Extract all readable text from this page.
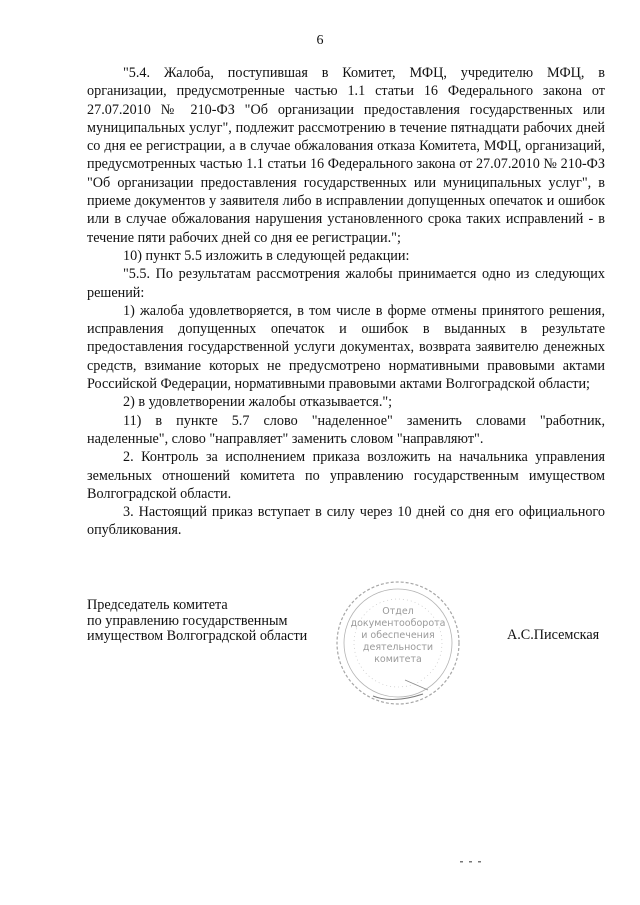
6

"5.4. Жалоба, поступившая в Комитет, МФЦ, учредителю МФЦ, в организации, предусмотренные частью 1.1 статьи 16 Федерального закона от 27.07.2010 № 210-ФЗ "Об организации предоставления государственных или муниципальных услуг", подлежит рассмотрению в течение пятнадцати рабочих дней со дня ее регистрации, а в случае обжалования отказа Комитета, МФЦ, организаций, предусмотренных частью 1.1 статьи 16 Федерального закона от 27.07.2010 № 210-ФЗ "Об организации предоставления государственных или муниципальных услуг", в приеме документов у заявителя либо в исправлении допущенных опечаток и ошибок или в случае обжалования нарушения установленного срока таких исправлений - в течение пяти рабочих дней со дня ее регистрации.";

10) пункт 5.5 изложить в следующей редакции:

"5.5. По результатам рассмотрения жалобы принимается одно из следующих решений:

1) жалоба удовлетворяется, в том числе в форме отмены принятого решения, исправления допущенных опечаток и ошибок в выданных в результате предоставления государственной услуги документах, возврата заявителю денежных средств, взимание которых не предусмотрено нормативными правовыми актами Российской Федерации, нормативными правовыми актами Волгоградской области;

2) в удовлетворении жалобы отказывается.";

11) в пункте 5.7 слово "наделенное" заменить словами "работник, наделенные", слово "направляет" заменить словом "направляют".

2. Контроль за исполнением приказа возложить на начальника управления земельных отношений комитета по управлению государственным имуществом Волгоградской области.

3. Настоящий приказ вступает в силу через 10 дней со дня его официального опубликования.

Председатель комитета
по управлению государственным
имуществом Волгоградской области
Отдел
документооборота
и обеспечения
деятельности
комитета
А.С.Писемская
